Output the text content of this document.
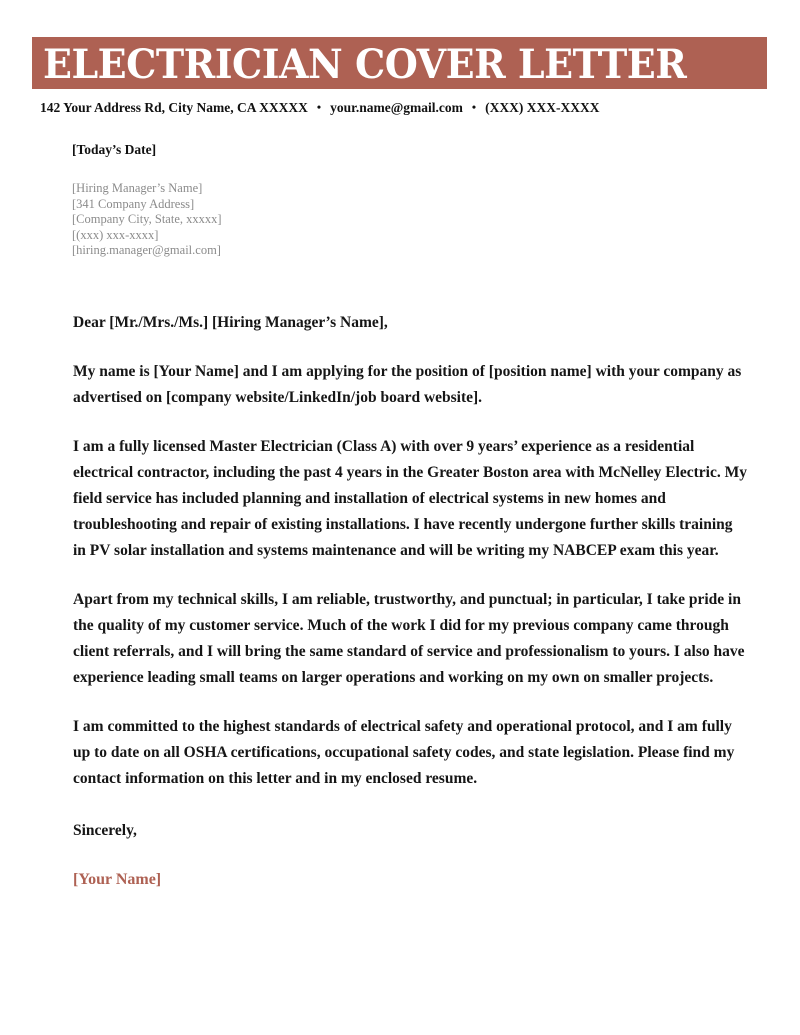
ELECTRICIAN COVER LETTER
142 Your Address Rd, City Name, CA XXXXX • your.name@gmail.com • (XXX) XXX-XXXX
[Today’s Date]
[Hiring Manager’s Name]
[341 Company Address]
[Company City, State, xxxxx]
[(xxx) xxx-xxxx]
[hiring.manager@gmail.com]

Dear [Mr./Mrs./Ms.] [Hiring Manager’s Name],

My name is [Your Name] and I am applying for the position of [position name] with your company as advertised on [company website/LinkedIn/job board website].

I am a fully licensed Master Electrician (Class A) with over 9 years’ experience as a residential electrical contractor, including the past 4 years in the Greater Boston area with McNelley Electric. My field service has included planning and installation of electrical systems in new homes and troubleshooting and repair of existing installations. I have recently undergone further skills training in PV solar installation and systems maintenance and will be writing my NABCEP exam this year.

Apart from my technical skills, I am reliable, trustworthy, and punctual; in particular, I take pride in the quality of my customer service. Much of the work I did for my previous company came through client referrals, and I will bring the same standard of service and professionalism to yours. I also have experience leading small teams on larger operations and working on my own on smaller projects.

I am committed to the highest standards of electrical safety and operational protocol, and I am fully up to date on all OSHA certifications, occupational safety codes, and state legislation. Please find my contact information on this letter and in my enclosed resume.

Sincerely,

[Your Name]
